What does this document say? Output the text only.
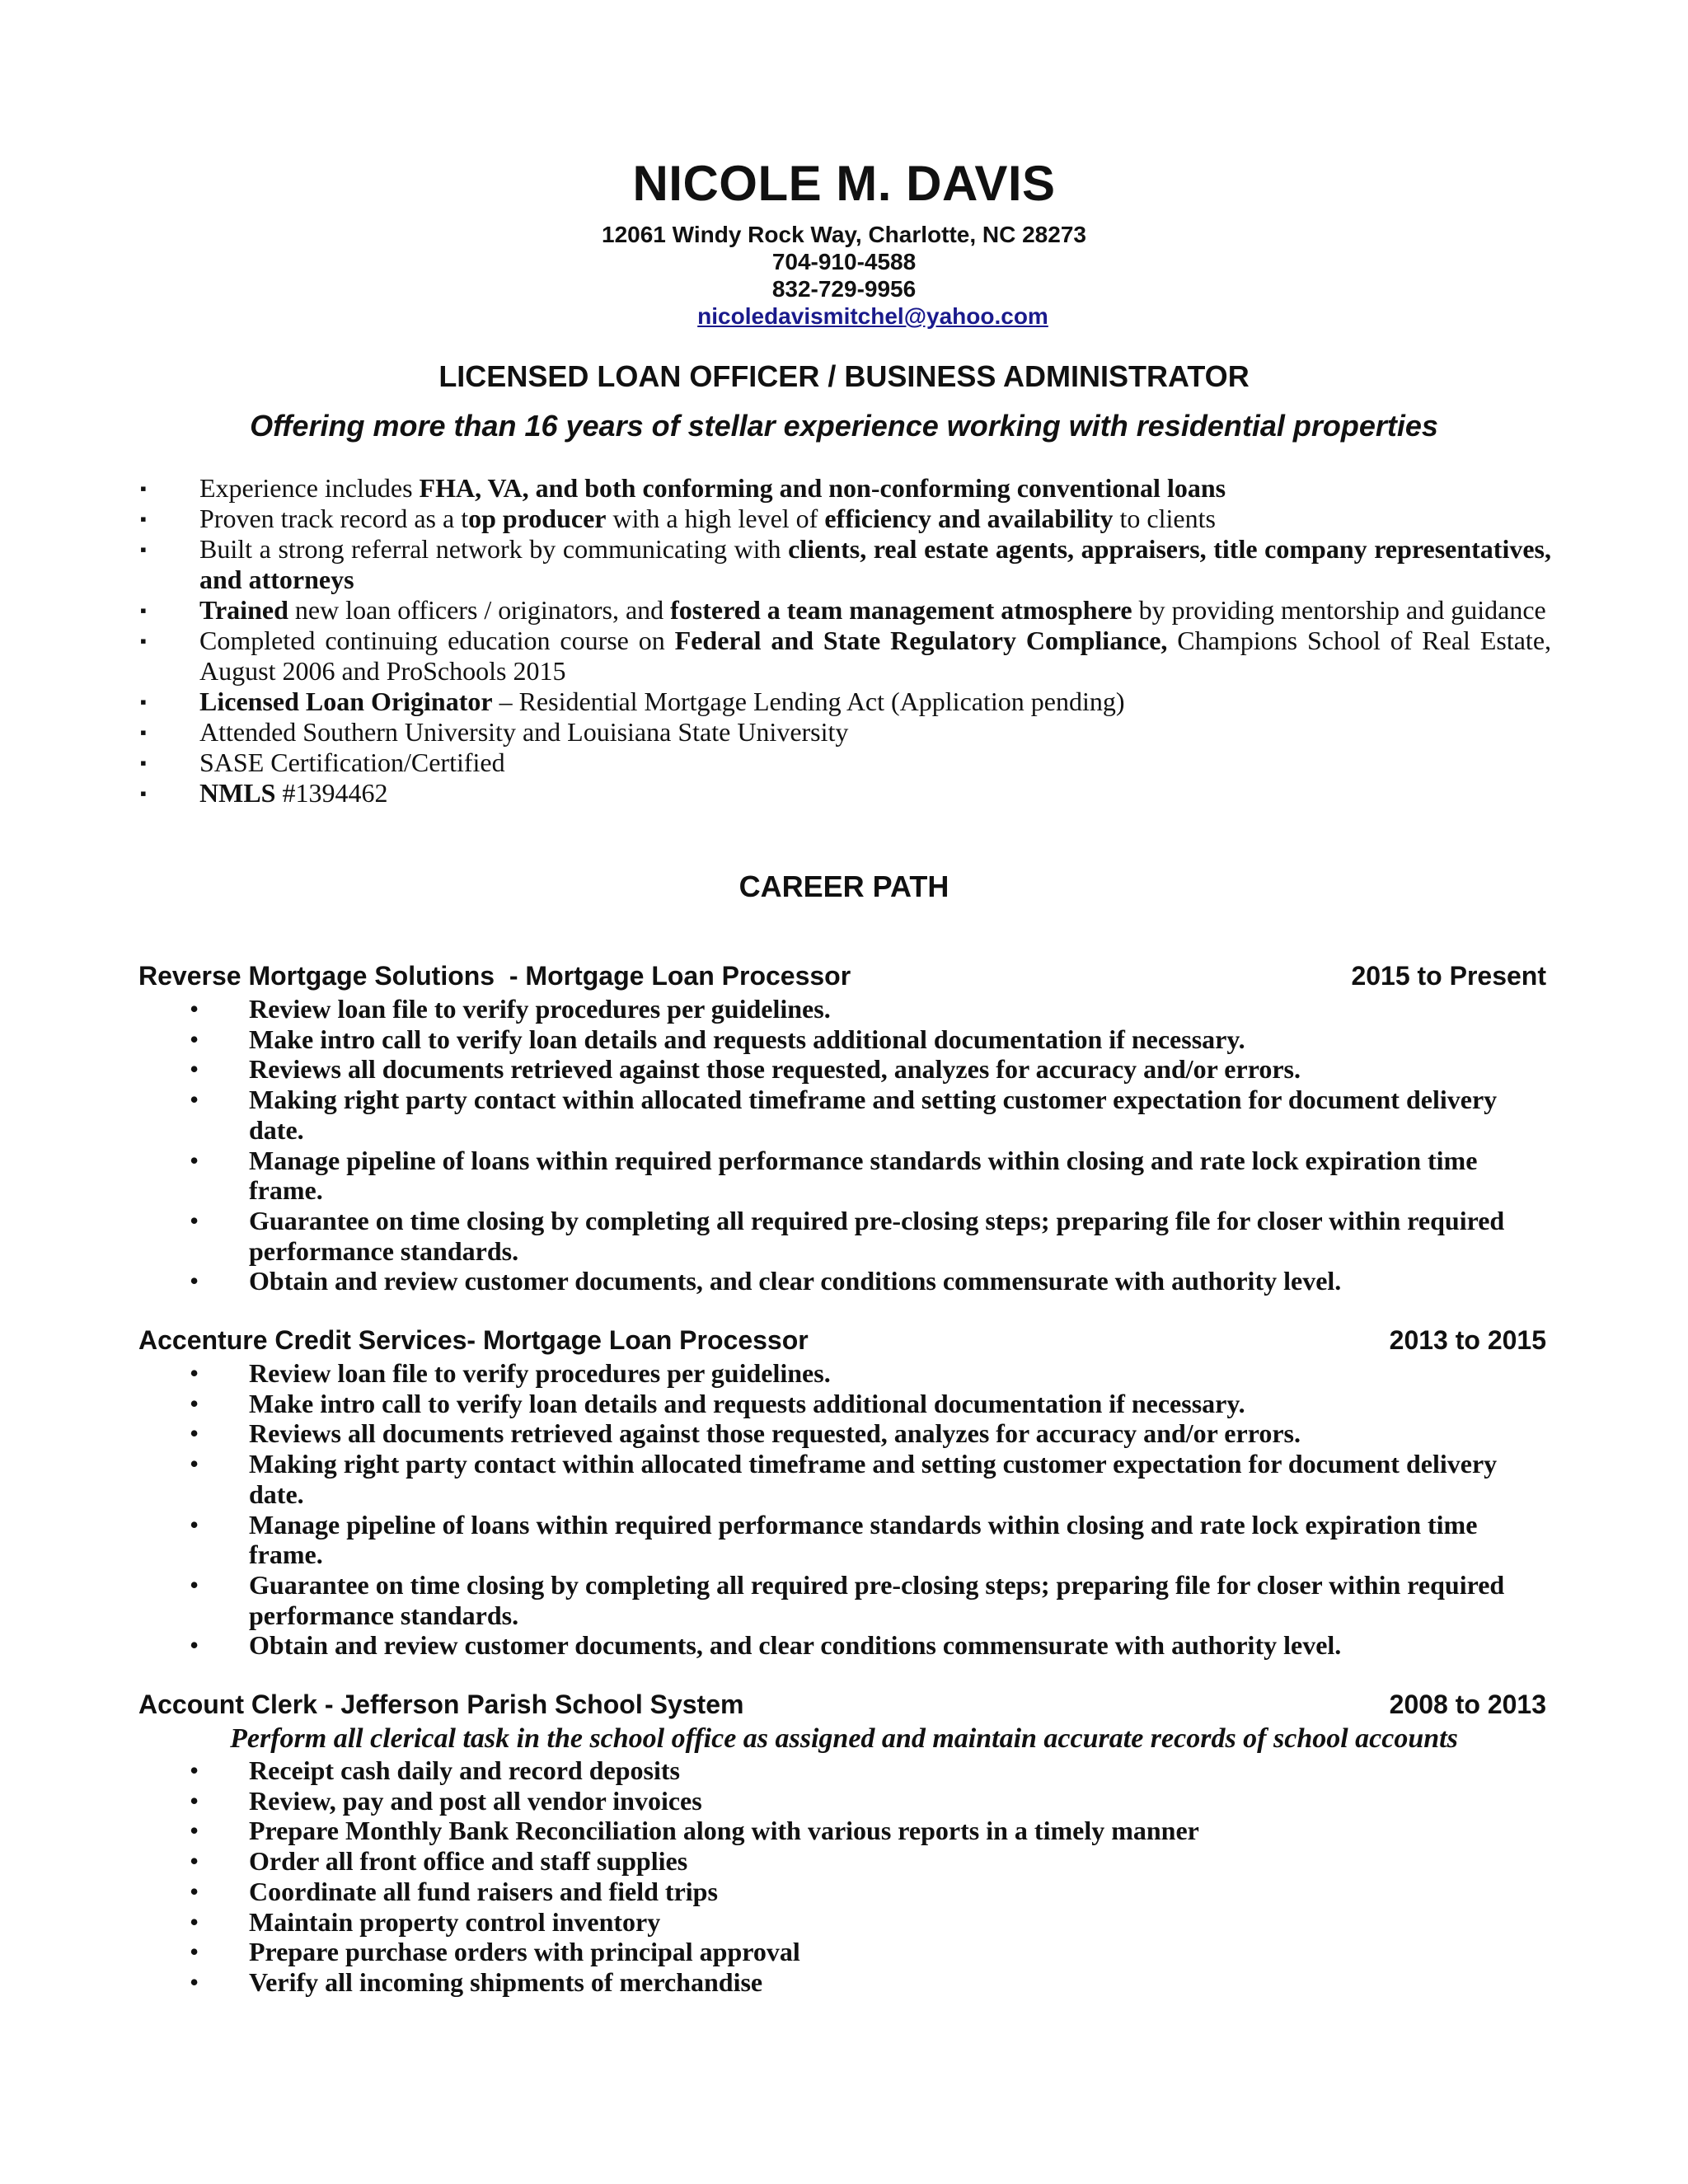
NICOLE M. DAVIS
12061 Windy Rock Way, Charlotte, NC 28273
704-910-4588
832-729-9956
nicoledavismitchel@yahoo.com
LICENSED LOAN OFFICER / BUSINESS ADMINISTRATOR
Offering more than 16 years of stellar experience working with residential properties
▪ Experience includes FHA, VA, and both conforming and non-conforming conventional loans
▪ Proven track record as a top producer with a high level of efficiency and availability to clients
▪ Built a strong referral network by communicating with clients, real estate agents, appraisers, title company representatives, and attorneys
▪ Trained new loan officers / originators, and fostered a team management atmosphere by providing mentorship and guidance
▪ Completed continuing education course on Federal and State Regulatory Compliance, Champions School of Real Estate, August 2006 and ProSchools 2015
▪ Licensed Loan Originator – Residential Mortgage Lending Act (Application pending)
▪ Attended Southern University and Louisiana State University
▪ SASE Certification/Certified
▪ NMLS #1394462
CAREER PATH
Reverse Mortgage Solutions  - Mortgage Loan Processor	2015 to Present
• Review loan file to verify procedures per guidelines.
• Make intro call to verify loan details and requests additional documentation if necessary.
• Reviews all documents retrieved against those requested, analyzes for accuracy and/or errors.
• Making right party contact within allocated timeframe and setting customer expectation for document delivery date.
• Manage pipeline of loans within required performance standards within closing and rate lock expiration time frame.
• Guarantee on time closing by completing all required pre-closing steps; preparing file for closer within required performance standards.
• Obtain and review customer documents, and clear conditions commensurate with authority level.
Accenture Credit Services- Mortgage Loan Processor	2013 to 2015
• Review loan file to verify procedures per guidelines.
• Make intro call to verify loan details and requests additional documentation if necessary.
• Reviews all documents retrieved against those requested, analyzes for accuracy and/or errors.
• Making right party contact within allocated timeframe and setting customer expectation for document delivery date.
• Manage pipeline of loans within required performance standards within closing and rate lock expiration time frame.
• Guarantee on time closing by completing all required pre-closing steps; preparing file for closer within required performance standards.
• Obtain and review customer documents, and clear conditions commensurate with authority level.
Account Clerk - Jefferson Parish School System	2008 to 2013
Perform all clerical task in the school office as assigned and maintain accurate records of school accounts
• Receipt cash daily and record deposits
• Review, pay and post all vendor invoices
• Prepare Monthly Bank Reconciliation along with various reports in a timely manner
• Order all front office and staff supplies
• Coordinate all fund raisers and field trips
• Maintain property control inventory
• Prepare purchase orders with principal approval
• Verify all incoming shipments of merchandise
